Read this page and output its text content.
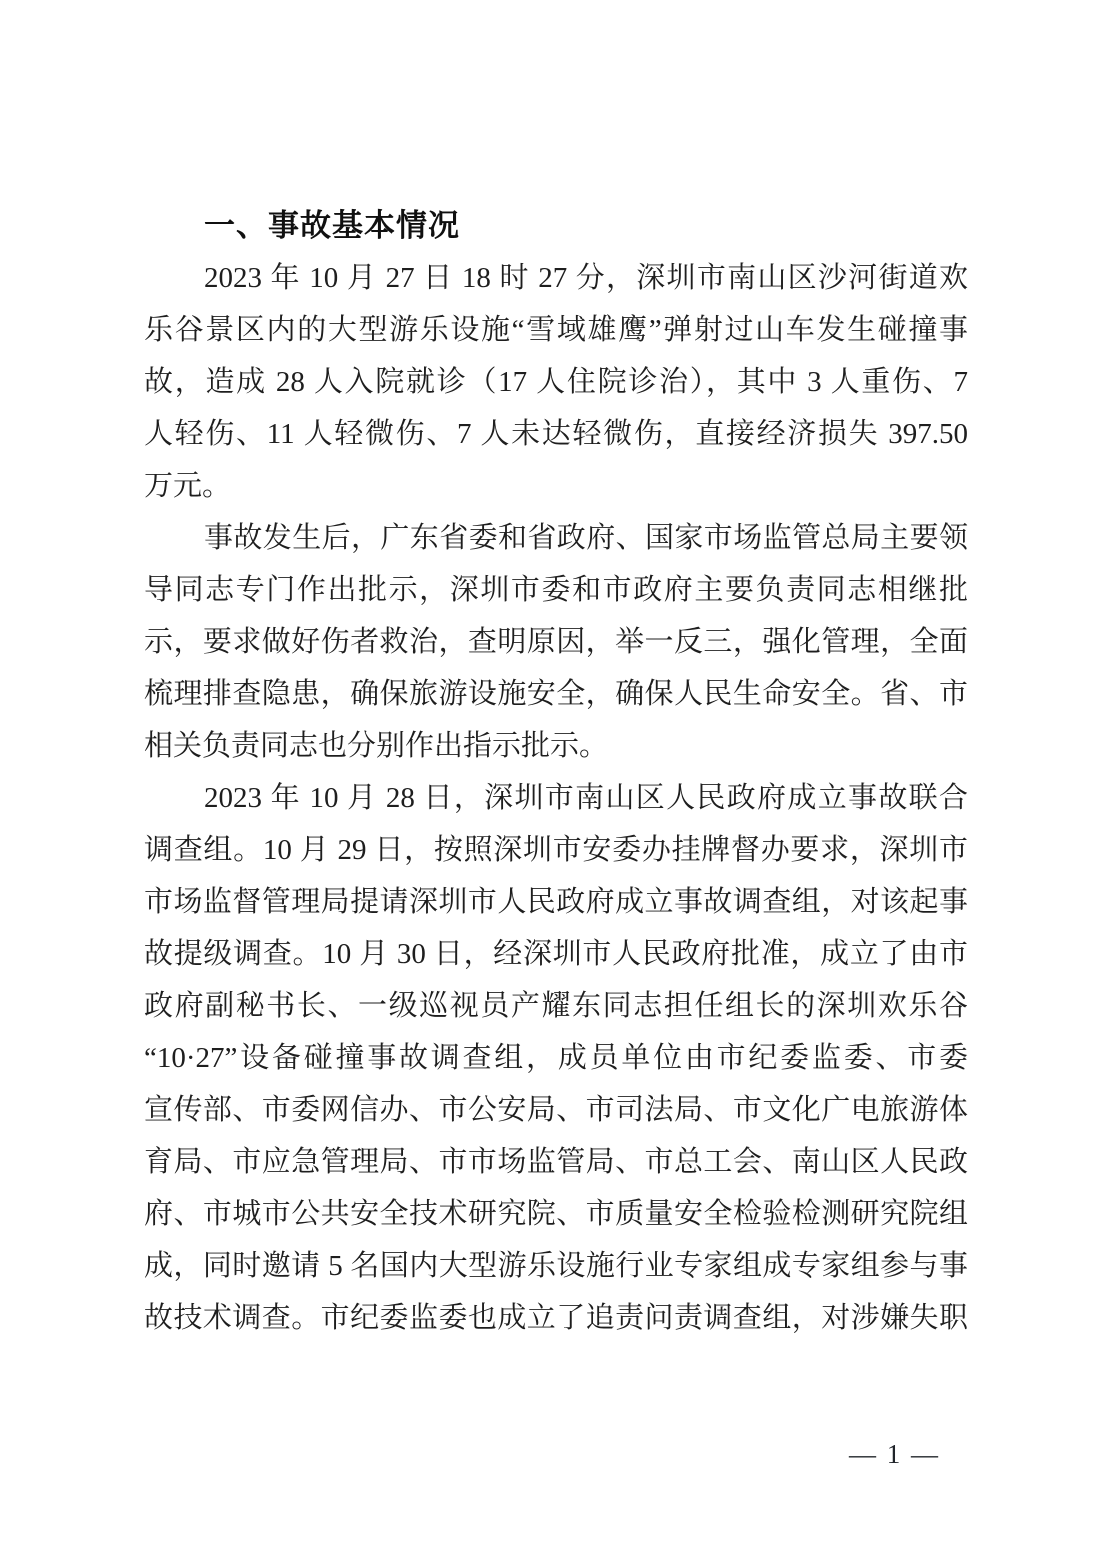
一、事故基本情况

2023 年 10 月 27 日 18 时 27 分，深圳市南山区沙河街道欢
乐谷景区内的大型游乐设施“雪域雄鹰”弹射过山车发生碰撞事
故，造成 28 人入院就诊（17 人住院诊治），其中 3 人重伤、7
人轻伤、11 人轻微伤、7 人未达轻微伤，直接经济损失 397.50
万元。

事故发生后，广东省委和省政府、国家市场监管总局主要领
导同志专门作出批示，深圳市委和市政府主要负责同志相继批
示，要求做好伤者救治，查明原因，举一反三，强化管理，全面
梳理排查隐患，确保旅游设施安全，确保人民生命安全。省、市
相关负责同志也分别作出指示批示。

2023 年 10 月 28 日，深圳市南山区人民政府成立事故联合
调查组。10 月 29 日，按照深圳市安委办挂牌督办要求，深圳市
市场监督管理局提请深圳市人民政府成立事故调查组，对该起事
故提级调查。10 月 30 日，经深圳市人民政府批准，成立了由市
政府副秘书长、一级巡视员产耀东同志担任组长的深圳欢乐谷
“10·27”设备碰撞事故调查组，成员单位由市纪委监委、市委
宣传部、市委网信办、市公安局、市司法局、市文化广电旅游体
育局、市应急管理局、市市场监管局、市总工会、南山区人民政
府、市城市公共安全技术研究院、市质量安全检验检测研究院组
成，同时邀请 5 名国内大型游乐设施行业专家组成专家组参与事
故技术调查。市纪委监委也成立了追责问责调查组，对涉嫌失职

— 1 —
